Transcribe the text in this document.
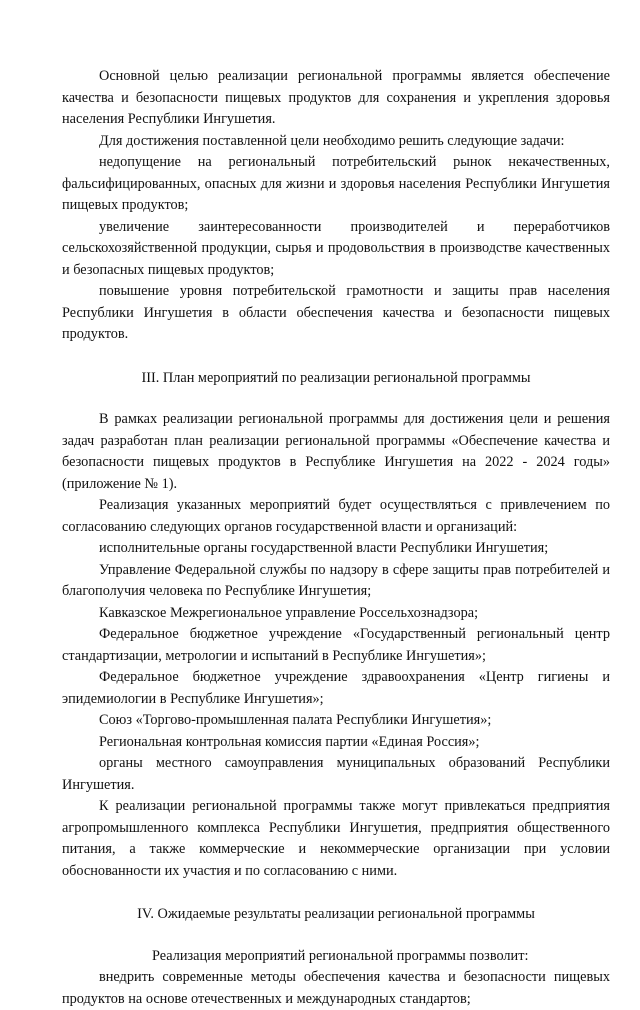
Основной целью реализации региональной программы является обеспечение качества и безопасности пищевых продуктов для сохранения и укрепления здоровья населения Республики Ингушетия.

Для достижения поставленной цели необходимо решить следующие задачи:

недопущение на региональный потребительский рынок некачественных, фальсифицированных, опасных для жизни и здоровья населения Республики Ингушетия пищевых продуктов;

увеличение заинтересованности производителей и переработчиков сельскохозяйственной продукции, сырья и продовольствия в производстве качественных и безопасных пищевых продуктов;

повышение уровня потребительской грамотности и защиты прав населения Республики Ингушетия в области обеспечения качества и безопасности пищевых продуктов.

III. План мероприятий по реализации региональной программы

В рамках реализации региональной программы для достижения цели и решения задач разработан план реализации региональной программы «Обеспечение качества и безопасности пищевых продуктов в Республике Ингушетия на 2022 - 2024 годы» (приложение № 1).

Реализация указанных мероприятий будет осуществляться с привлечением по согласованию следующих органов государственной власти и организаций:

исполнительные органы государственной власти Республики Ингушетия;

Управление Федеральной службы по надзору в сфере защиты прав потребителей и благополучия человека по Республике Ингушетия;

Кавказское Межрегиональное управление Россельхознадзора;

Федеральное бюджетное учреждение «Государственный региональный центр стандартизации, метрологии и испытаний в Республике Ингушетия»;

Федеральное бюджетное учреждение здравоохранения «Центр гигиены и эпидемиологии в Республике Ингушетия»;

Союз «Торгово-промышленная палата Республики Ингушетия»;

Региональная контрольная комиссия партии «Единая Россия»;

органы местного самоуправления муниципальных образований Республики Ингушетия.

К реализации региональной программы также могут привлекаться предприятия агропромышленного комплекса Республики Ингушетия, предприятия общественного питания, а также коммерческие и некоммерческие организации при условии обоснованности их участия и по согласованию с ними.

IV. Ожидаемые результаты реализации региональной программы

Реализация мероприятий региональной программы позволит:

внедрить современные методы обеспечения качества и безопасности пищевых продуктов на основе отечественных и международных стандартов;
